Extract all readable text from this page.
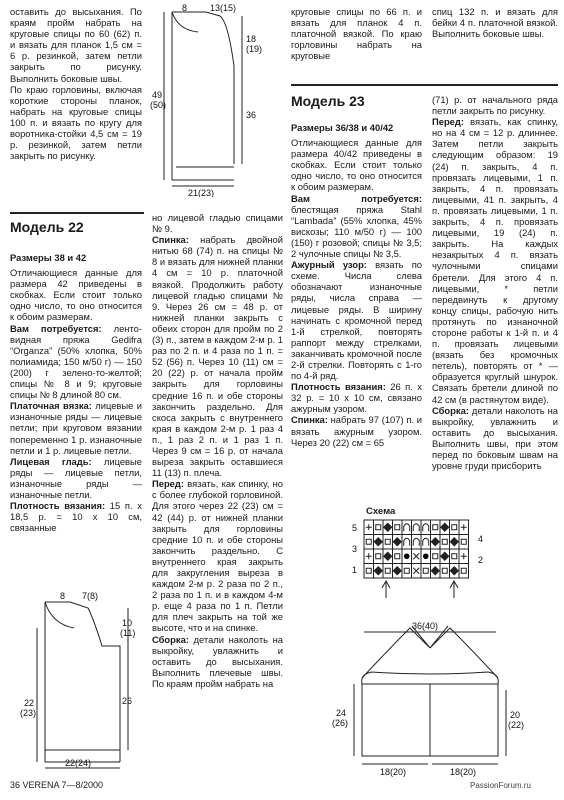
оставить до высыхания. По краям пройм набрать на круговые спицы по 60 (62) п. и вязать для планок 1,5 см = 6 р. резинкой, затем петли закрыть по рисунку. Выполнить боковые швы.

По краю горловины, включая короткие стороны планок, набрать на круговые спицы 100 п. и вязать по кругу для воротника-стойки 4,5 см = 19 р. резинкой, затем петли закрыть по рисунку.

8	13(15)
18
(19)
36
49
(50)
21(23)

круговые спицы по 66 п. и вязать для планок 4 п. платочной вязкой. По краю горловины набрать на круговые

спиц 132 п. и вязать для бейки 4 п. платочной вязкой. Выполнить боковые швы.

Модель 22

Размеры 38 и 42

Отличающиеся данные для размера 42 приведены в скобках. Если стоит только одно число, то оно относится к обоим размерам.

Вам потребуется: ленто-видная пряжа Gedifra “Organza” (50% хлопка, 50% полиамида; 150 м/50 г) — 150 (200) г зелено-то-желтой; спицы № 8 и 9; круговые спицы № 8 длиной 80 см.

Платочная вязка: лицевые и изнаночные ряды — лицевые петли; при круговом вязании попеременно 1 р. изнаночные петли и 1 р. лицевые петли.

Лицевая гладь: лицевые ряды — лицевые петли, изнаночные ряды — изнаночные петли.

Плотность вязания: 15 п. х 18,5 р. = 10 х 10 см, связанные

8 7(8)
10
(11)
26
22
(23)
22(24)

но лицевой гладью спицами № 9.

Спинка: набрать двойной нитью 68 (74) п. на спицы № 8 и вязать для нижней планки 4 см = 10 р. платочной вязкой. Продолжить работу лицевой гладью спицами № 9. Через 26 см = 48 р. от нижней планки закрыть с обеих сторон для пройм по 2 (3) п., затем в каждом 2-м р. 1 раз по 2 п. и 4 раза по 1 п. = 52 (56) п. Через 10 (11) см = 20 (22) р. от начала пройм закрыть для горловины средние 16 п. и обе стороны закончить раздельно. Для скоса закрыть с внутреннего края в каждом 2-м р. 1 раз 4 п., 1 раз 2 п. и 1 раз 1 п. Через 9 см = 16 р. от начала выреза закрыть оставшиеся 11 (13) п. плеча.

Перед: вязать, как спинку, но с более глубокой горловиной. Для этого через 22 (23) см = 42 (44) р. от нижней планки закрыть для горловины средние 10 п. и обе стороны закончить раздельно. С внутреннего края закрыть для закругления выреза в каждом 2-м р. 2 раза по 2 п., 2 раза по 1 п. и в каждом 4-м р. еще 4 раза по 1 п. Петли для плеч закрыть на той же высоте, что и на спинке.

Сборка: детали наколоть на выкройку, увлажнить и оставить до высыхания. Выполнить плечевые швы. По краям пройм набрать на

Модель 23

Размеры 36/38 и 40/42

Отличающиеся данные для размера 40/42 приведены в скобках. Если стоит только одно число, то оно относится к обоим размерам.

Вам потребуется: блестящая пряжа Stahl “Lambada” (55% хлопка, 45% вискозы; 110 м/50 г) — 100 (150) г розовой; спицы № 3,5; 2 чулочные спицы № 3,5.

Ажурный узор: вязать по схеме. Числа слева обозначают изнаночные ряды, числа справа — лицевые ряды. В ширину начинать с кромочной перед 1-й стрелкой, повторять раппорт между стрелками, заканчивать кромочной после 2-й стрелки. Повторять с 1-го по 4-й ряд.

Плотность вязания: 26 п. х 32 р. = 10 х 10 см, связано ажурным узором.

Спинка: набрать 97 (107) п. и вязать ажурным узором. Через 20 (22) см = 65

(71) р. от начального ряда петли закрыть по рисунку.

Перед: вязать, как спинку, но на 4 см = 12 р. длиннее. Затем петли закрыть следующим образом: 19 (24) п. закрыть, 4 п. провязать лицевыми, 1 п. закрыть, 4 п. провязать лицевыми, 41 п. закрыть, 4 п. провязать лицевыми, 1 п. закрыть, 4 п. провязать лицевыми, 19 (24) п. закрыть. На каждых незакрытых 4 п. вязать чулочными спицами бретели. Для этого 4 п. лицевыми, * петли передвинуть к другому концу спицы, рабочую нить протянуть по изнаночной стороне работы к 1-й п. и 4 п. провязать лицевыми (вязать без кромочных петель), повторять от * — образуется круглый шнурок. Связать бретели длиной по 42 см (в растянутом виде).

Сборка: детали наколоть на выкройку, увлажнить и оставить до высыхания. Выполнить швы, при этом перед по боковым швам на уровне груди присборить

Схема
5
3
1
4
2
36(40)
24
(26)
20
(22)
18(20)	18(20)
36 VERENA 7—8/2000	PassionForum.ru
